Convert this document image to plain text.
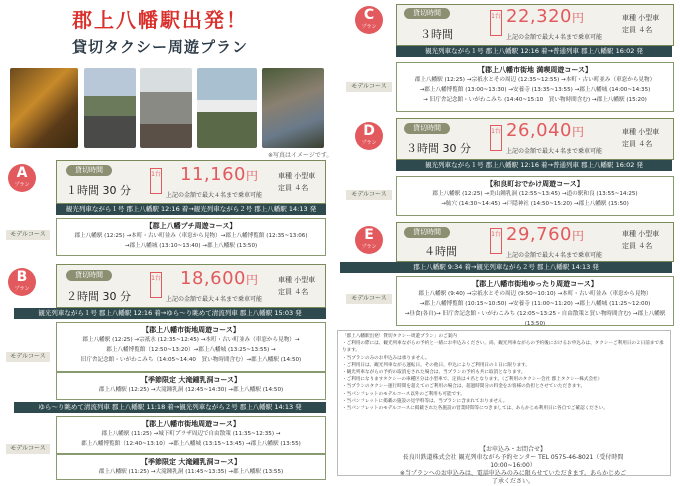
郡上八幡駅出発！
貸切タクシー周遊プラン
※写真はイメージです。
A
プラン
貸切時間
１時間 30 分
1台 11,160円
上記の金額で最大４名まで乗車可能
車種 小型車
定員 ４名
観光列車ながら１号 郡上八幡駅 12:16 着→観光列車ながら２号 郡上八幡駅 14:13 発
モデルコース
【郡上八幡プチ周遊コース】
郡上八幡駅 (12:25) →本町・古い町並み（車窓から見物）→郡上八幡博覧館 (12:35~13:06)
→郡上八幡城 (13:10~13:40) →郡上八幡駅 (13:50)
B
プラン
貸切時間
２時間 30 分
1台 18,600円
上記の金額で最大４名まで乗車可能
車種 小型車
定員 ４名
観光列車ながら１号 郡上八幡駅 12:16 着→ゆら～り眺めて清流列車 郡上八幡駅 15:03 発
モデルコース
【郡上八幡市街地周遊コース】
郡上八幡駅 (12:25) →宗祇水 (12:35~12:45) →本町・古い町並み（車窓から見物）→
郡上八幡博覧館（12:50~13:20）→郡上八幡城 (13:25~13:55) →
旧庁舎記念館・いがわこみち（14:05~14:40　買い物時間含む）→郡上八幡駅 (14:50)
【季節限定 大滝鍾乳洞コース】
郡上八幡駅 (12:25) →大滝鍾乳洞 (12:45~14:30) →郡上八幡駅 (14:50)
ゆら～り眺めて清流列車 郡上八幡駅 11:18 着→観光列車ながら２号 郡上八幡駅 14:13 発
モデルコース
【郡上八幡市街地周遊コース】
郡上八幡駅 (11:25) →城下町プラザ周辺で自由散策 (11:35~12:35) →
郡上八幡博覧館（12:40~13:10）→郡上八幡城 (13:15~13:45) →郡上八幡駅 (13:55)
【季節限定 大滝鍾乳洞コース】
郡上八幡駅 (11:25) →大滝鍾乳洞 (11:45~13:35) →郡上八幡駅 (13:55)
C
プラン
貸切時間
３時間
1台 22,320円
上記の金額で最大４名まで乗車可能
車種 小型車
定員 ４名
観光列車ながら１号 郡上八幡駅 12:16 着→普通列車 郡上八幡駅 16:02 発
モデルコース
【郡上八幡市街地 満喫周遊コース】
郡上八幡駅 (12:25) →宗祇水とその周辺 (12:35~12:55) →本町・古い町並み（車窓から見物）
→郡上八幡博覧館 (13:00~13:30) →安養寺 (13:35~13:55) →郡上八幡城 (14:00~14:35)
→ 旧庁舎記念館・いがわこみち (14:40~15:10　買い物時間含む) →郡上八幡駅 (15:20)
D
プラン
貸切時間
３時間 30 分
1台 26,040円
上記の金額で最大４名まで乗車可能
車種 小型車
定員 ４名
観光列車ながら１号 郡上八幡駅 12:16 着→普通列車 郡上八幡駅 16:02 発
モデルコース
【和良町おでかけ周遊コース】
郡上八幡駅 (12:25) →美山鍾乳洞 (12:55~13:45) →道の駅和良 (13:55~14:25)
→鮎穴 (14:30~14:45) →戸隠神社 (14:50~15:20) →郡上八幡駅 (15:50)
E
プラン
貸切時間
４時間
1台 29,760円
上記の金額で最大４名まで乗車可能
車種 小型車
定員 ４名
郡上八幡駅 9:34 着→観光列車ながら２号 郡上八幡駅 14:13 発
モデルコース
【郡上八幡市街地ゆったり周遊コース】
郡上八幡駅 (9:40) →宗祇水とその周辺 (9:50~10:10) →本町・古い町並み（車窓から見物）
→郡上八幡博覧館 (10:15~10:50) →安養寺 (11:00~11:20) →郡上八幡城 (11:25~12:00)
→昼食(各自)→ 旧庁舎記念館・いがわこみち (12:05~13:25・自由散策と買い物時間含む) →郡上八幡駅 (13:50)
「郡上八幡駅出発！貸切タクシー周遊プラン」のご案内
・ご利用の際には、観光列車ながらの予約と一緒にお申込みください。尚、観光列車ながらの予約後におけるお申込みは、タクシーご利用日の２日前まで承ります。
・当プランのみのお申込みは承りません。
・ご利用日は、観光列車ながら運転日。その他日、申込によりご利用日の１日に限ります。
・観光列車ながらの予約の取消をされた場合は、当プランの予約も共に取消となります。
・ご利用になりますタクシーの車種区分は小型車で、定員は４名となります。（ご利用のタクシー会社 郡上タクシー株式会社）
・当プランのタクシー運行時間を超えてのご利用の場合は、超過時間分の料金をお客様の負担とさせていただきます。
・当パンフレットのモデルコース以外のご利用も可能です。
・当パンフレットに掲載の施設の見学料等は、当プランに含まれておりません。
・当パンフレットのモデルコースに掲載された各施設の営業時間等につきましては、あらかじめ利用日に各自でご確認ください。
【お申込み・お問合せ】
長良川鉄道株式会社 観光列車ながら予約センター TEL 0575-46-8021（受付時間 10:00~16:00）
※当プランへのお申込みは、電話申込みのみに限らせていただきます。あらかじめご了承ください。
